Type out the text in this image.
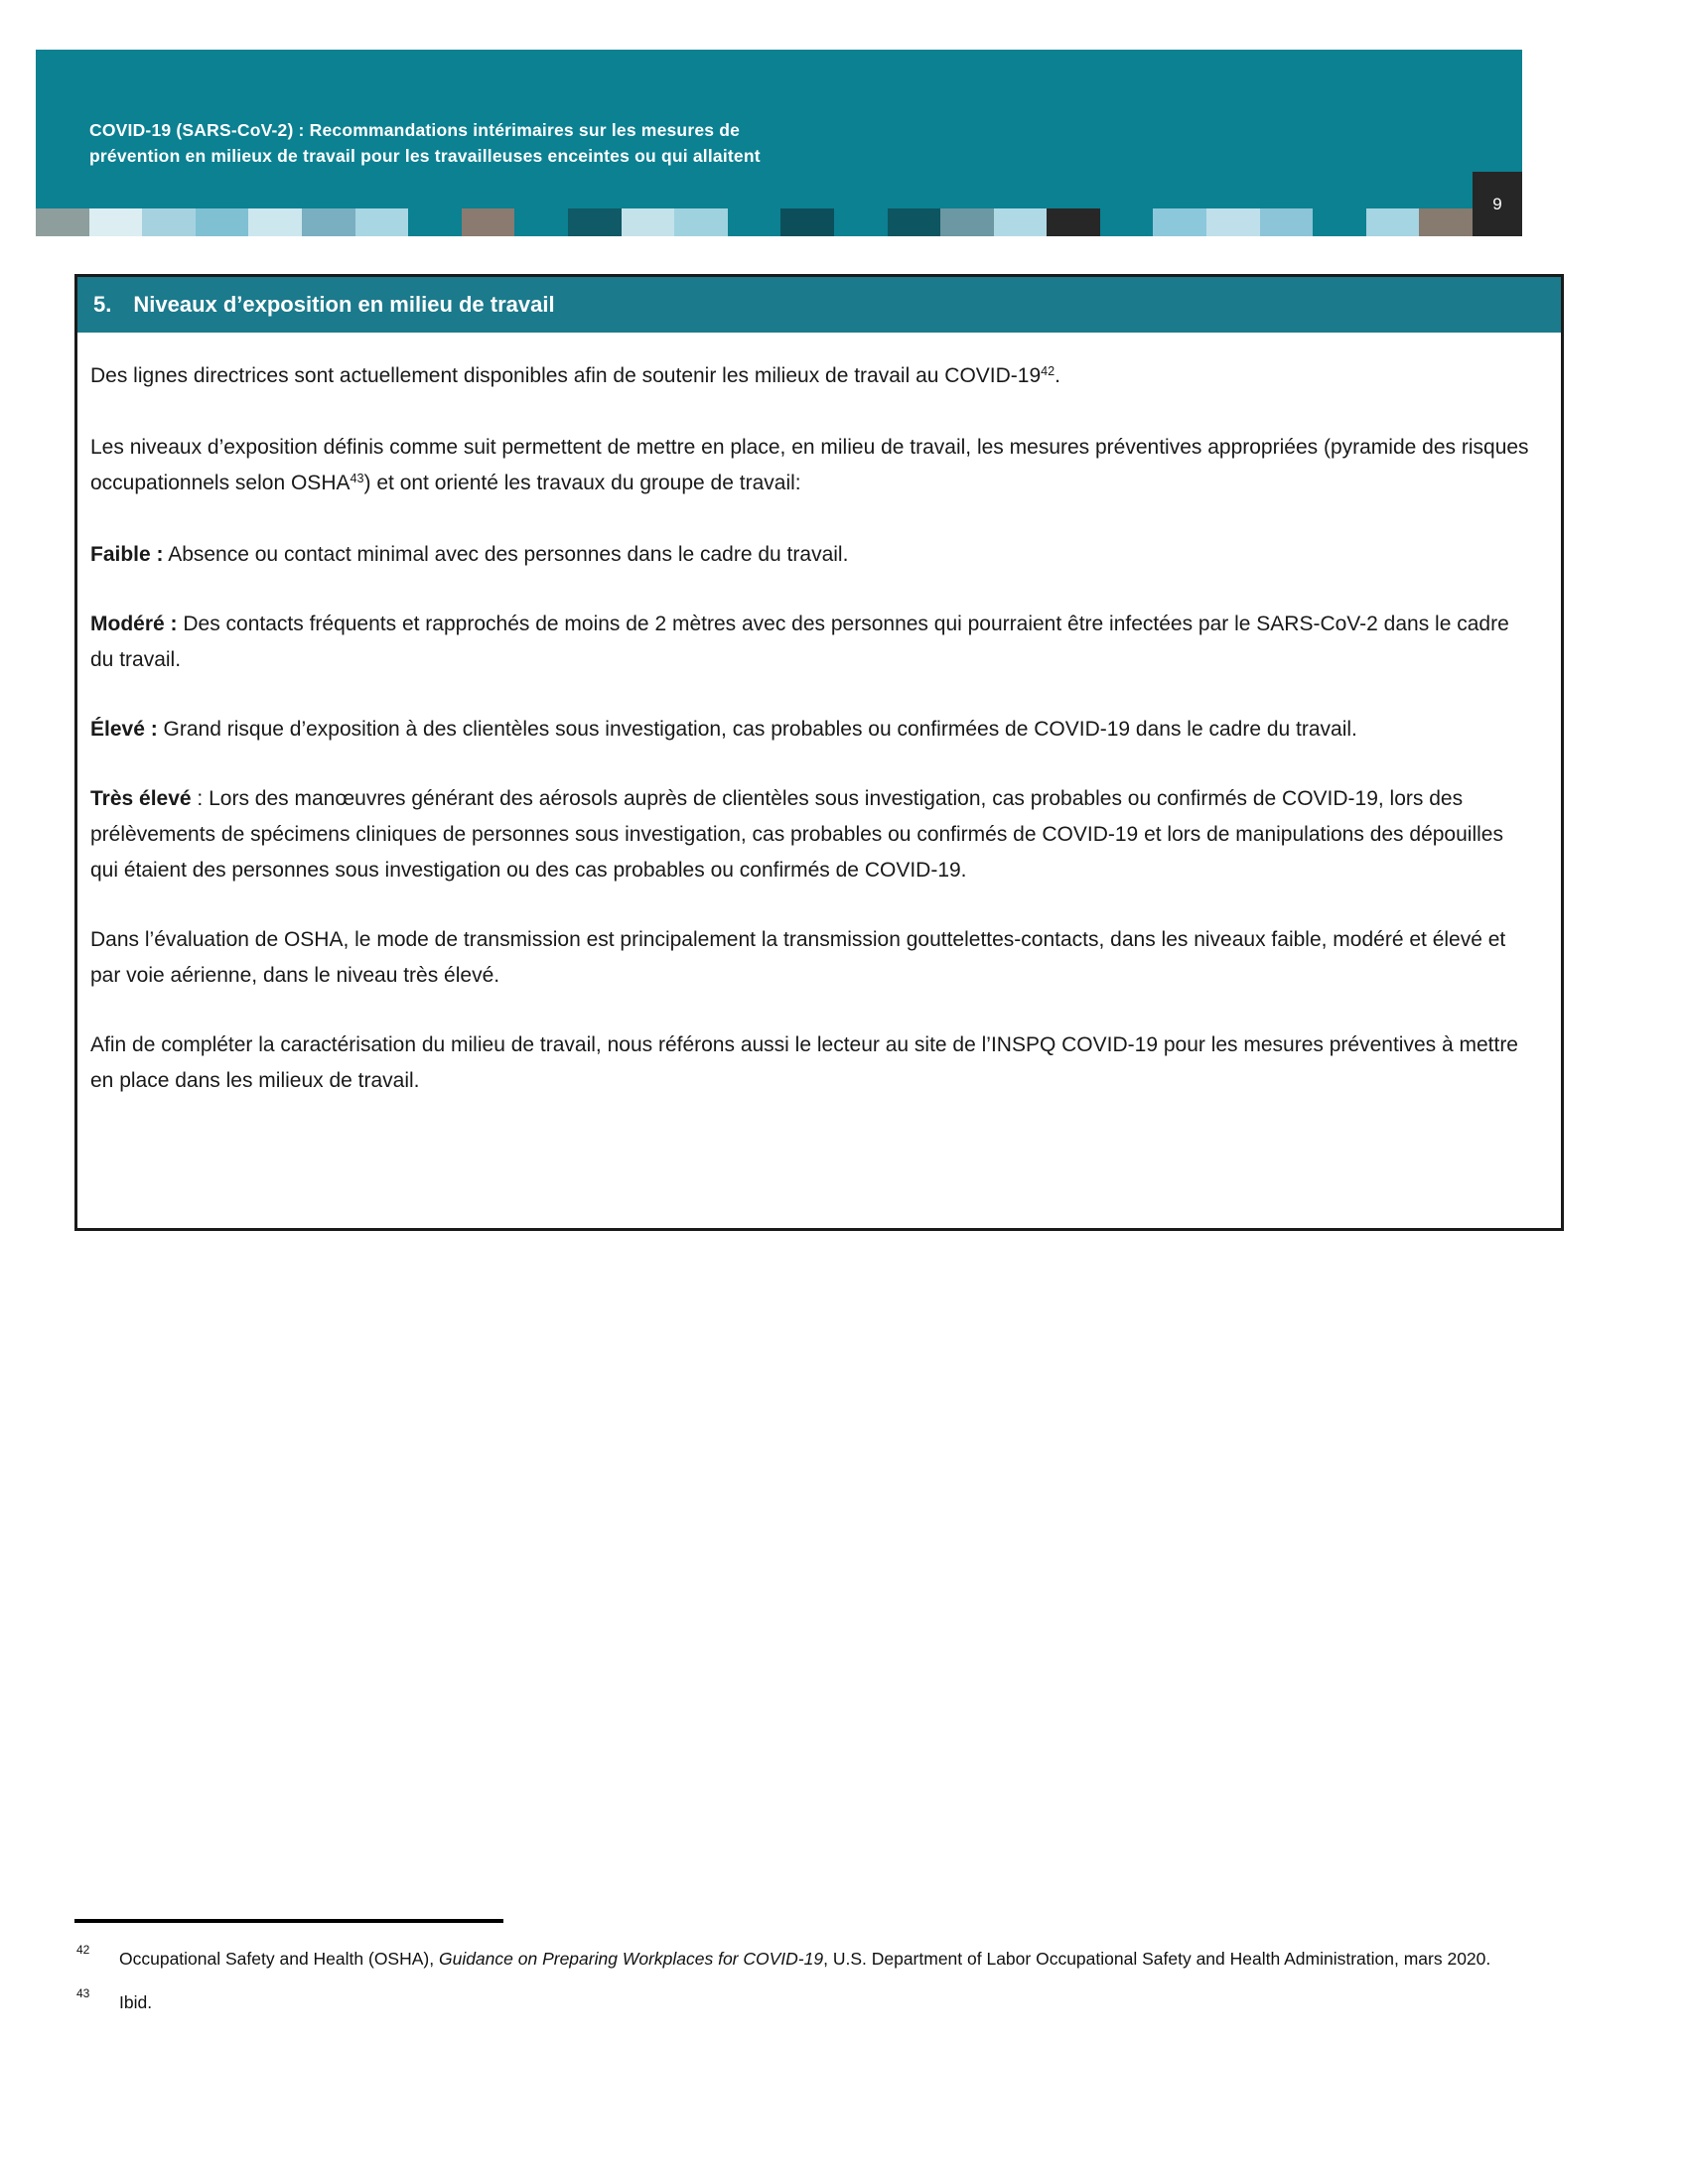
COVID-19 (SARS-CoV-2) : Recommandations intérimaires sur les mesures de
prévention en milieux de travail pour les travailleuses enceintes ou qui allaitent
9
5. Niveaux d’exposition en milieu de travail

Des lignes directrices sont actuellement disponibles afin de soutenir les milieux de travail au COVID-$19^{42}$.

Les niveaux d’exposition définis comme suit permettent de mettre en place, en milieu de travail, les mesures préventives appropriées (pyramide des risques occupationnels selon OSHA$^{43}$) et ont orienté les travaux du groupe de travail:

Faible : Absence ou contact minimal avec des personnes dans le cadre du travail.

Modéré : Des contacts fréquents et rapprochés de moins de 2 mètres avec des personnes qui pourraient être infectées par le SARS-CoV-2 dans le cadre du travail.

Élevé : Grand risque d’exposition à des clientèles sous investigation, cas probables ou confirmées de COVID-19 dans le cadre du travail.

Très élevé : Lors des manœuvres générant des aérosols auprès de clientèles sous investigation, cas probables ou confirmés de COVID-19, lors des prélèvements de spécimens cliniques de personnes sous investigation, cas probables ou confirmés de COVID-19 et lors de manipulations des dépouilles qui étaient des personnes sous investigation ou des cas probables ou confirmés de COVID-19.

Dans l’évaluation de OSHA, le mode de transmission est principalement la transmission gouttelettes-contacts, dans les niveaux faible, modéré et élevé et par voie aérienne, dans le niveau très élevé.

Afin de compléter la caractérisation du milieu de travail, nous référons aussi le lecteur au site de l’INSPQ COVID-19 pour les mesures préventives à mettre en place dans les milieux de travail.

42	Occupational Safety and Health (OSHA), Guidance on Preparing Workplaces for COVID-19, U.S. Department of Labor Occupational Safety and Health Administration, mars 2020.
43	Ibid.
